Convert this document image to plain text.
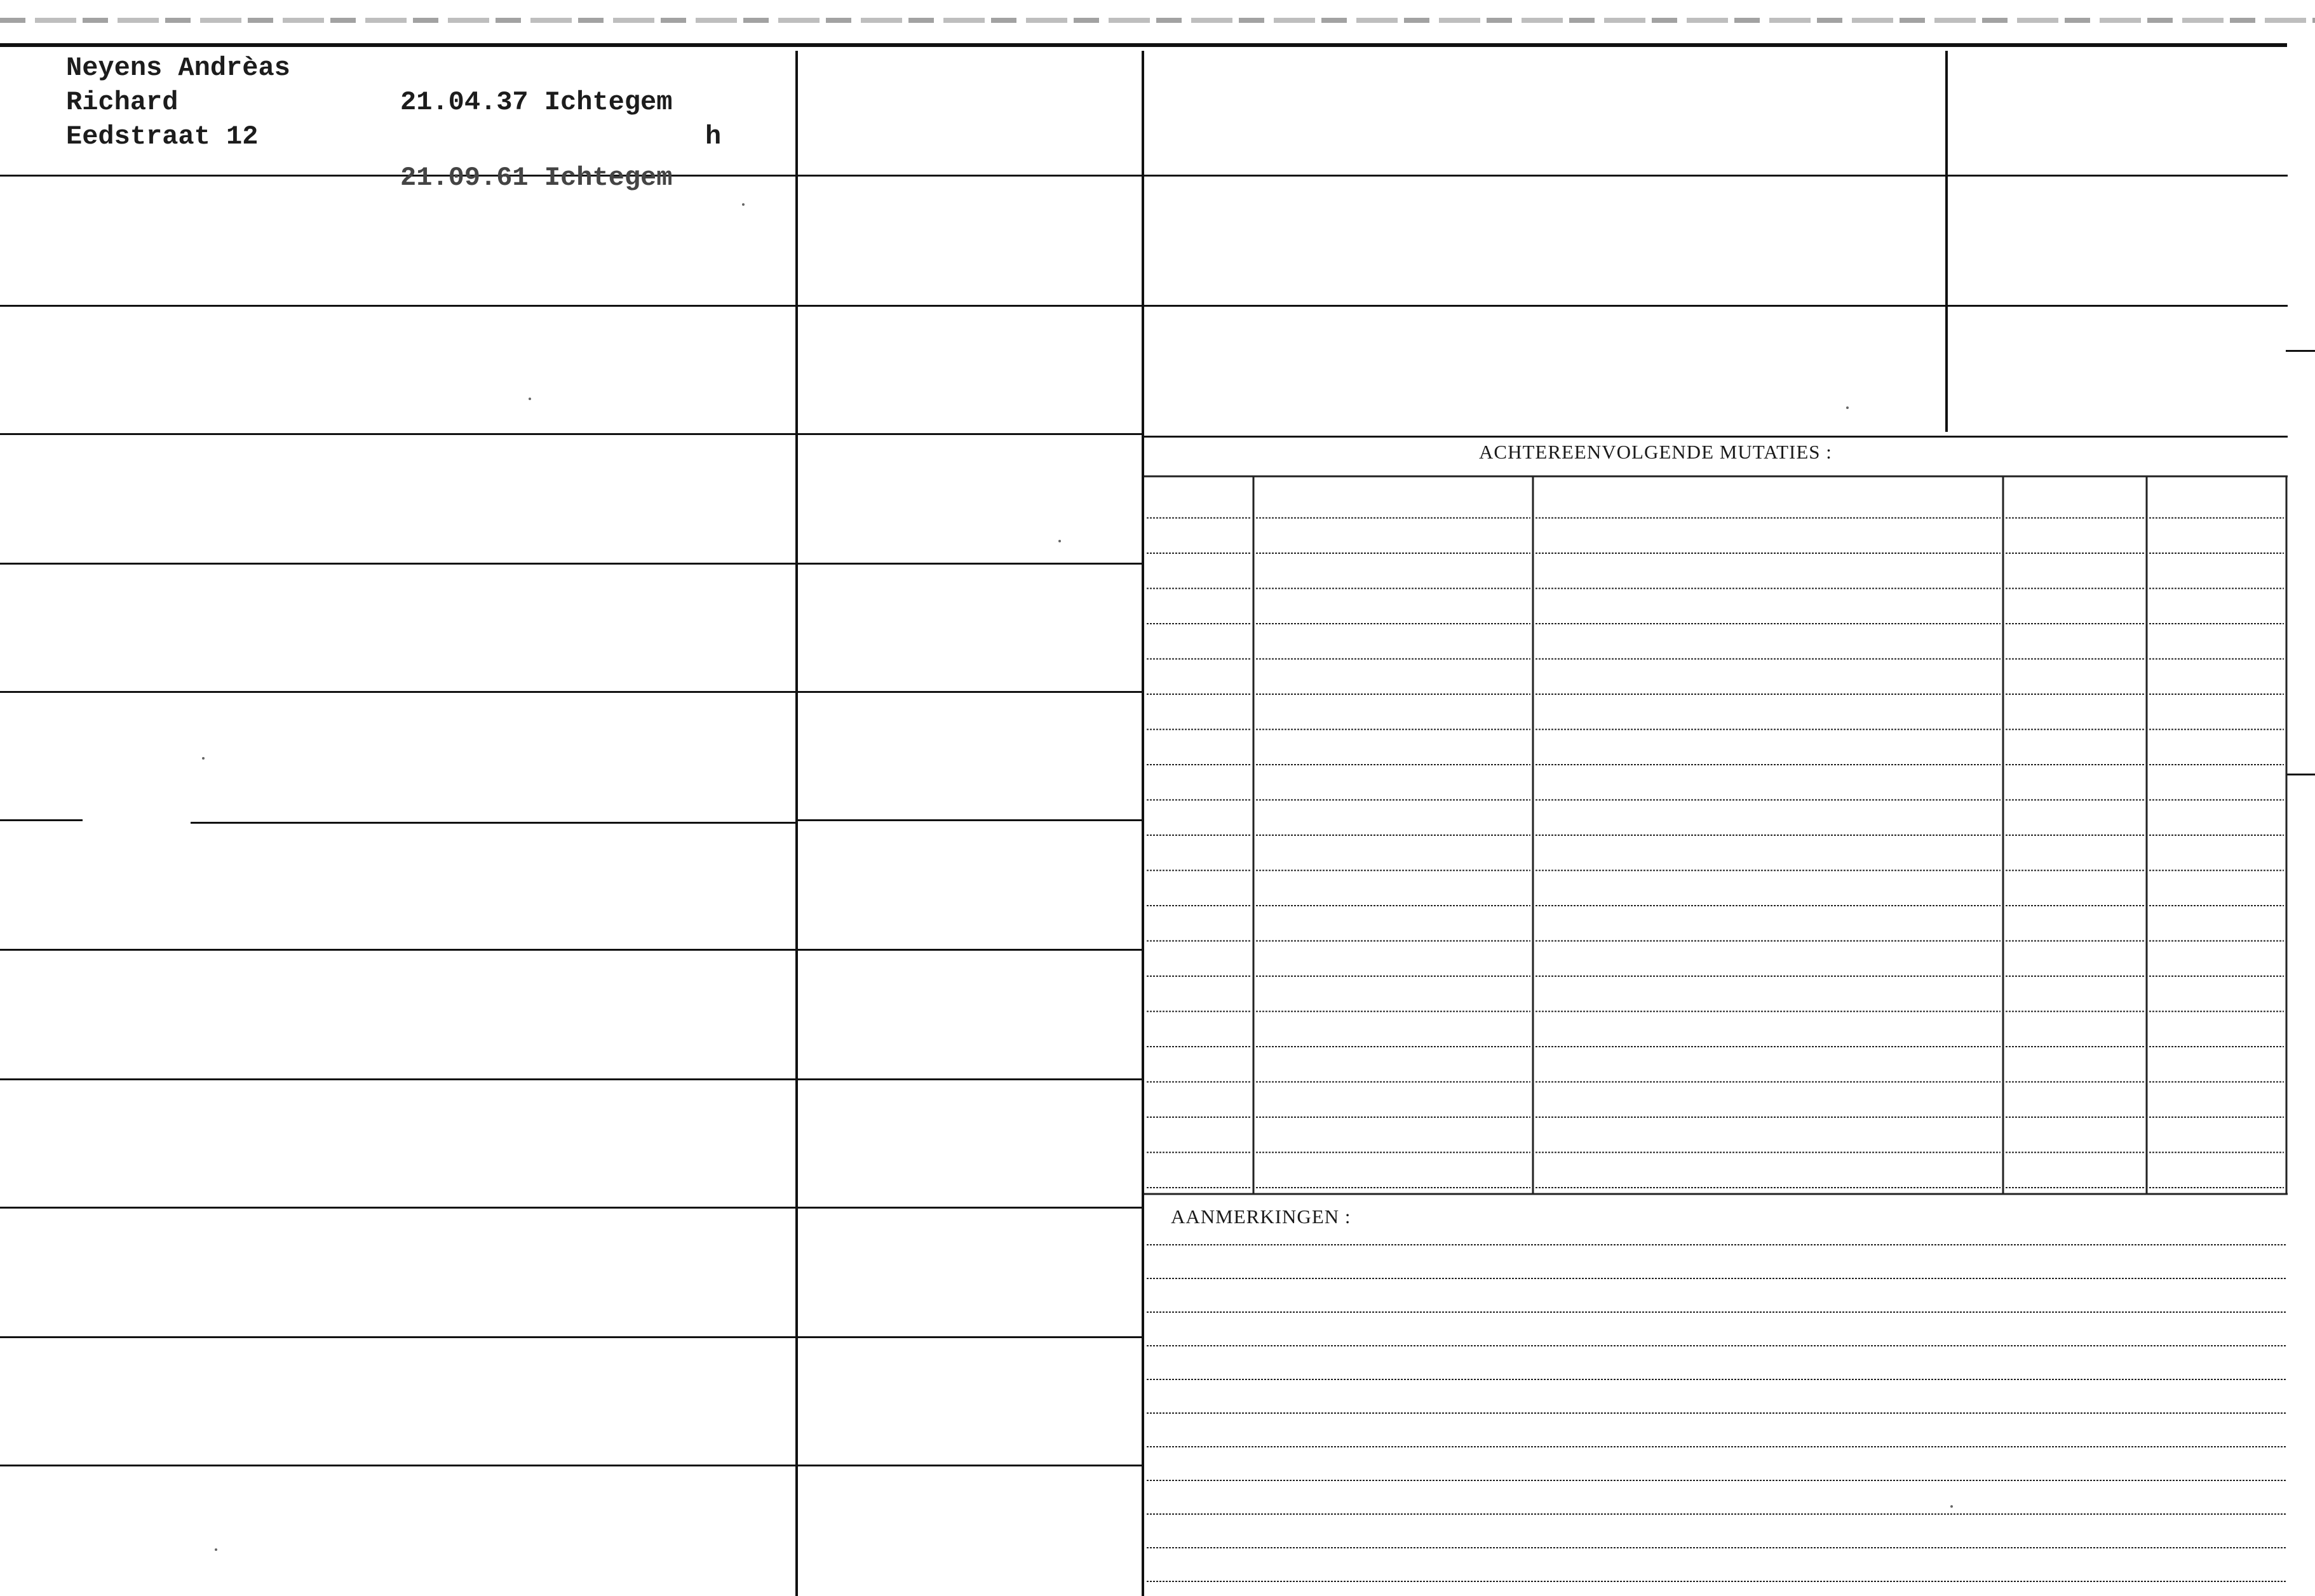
Neyens Andrèas
Richard
Eedstraat 12
21.04.37 Ichtegem
h
21.09.61 Ichtegem
ACHTEREENVOLGENDE MUTATIES :
AANMERKINGEN :
